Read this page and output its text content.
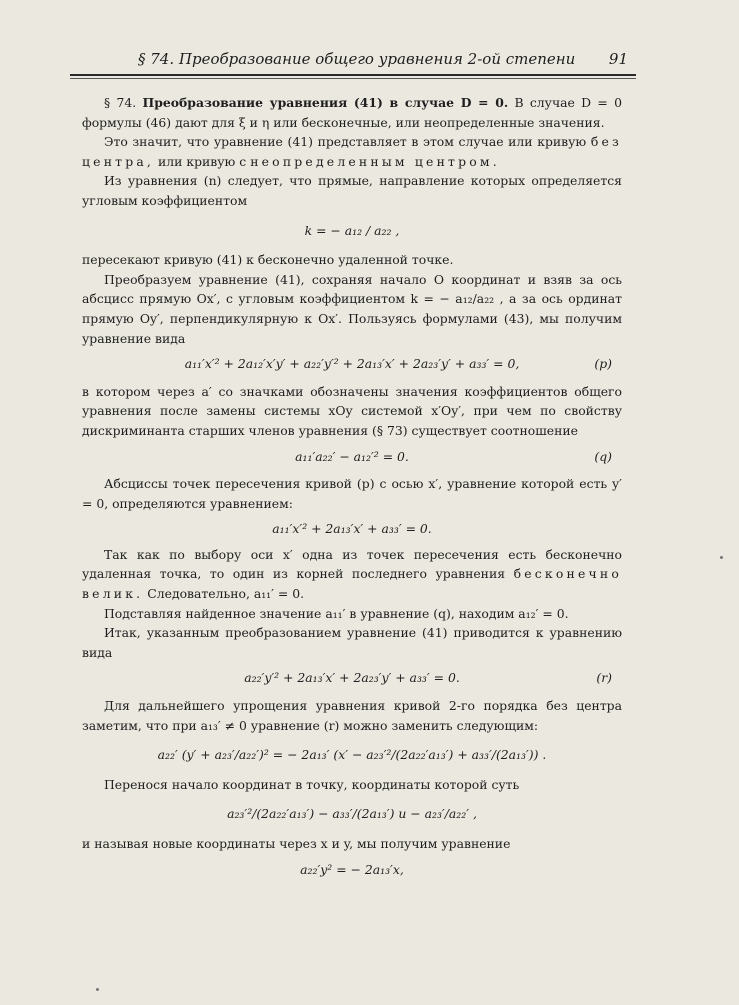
§ 74. Преобразование общего уравнения 2-ой степени 91

§ 74. Преобразование уравнения (41) в случае D = 0. В случае D = 0 формулы (46) дают для ξ и η или бесконечные, или неопределенные значения.

Это значит, что уравнение (41) представляет в этом случае или кривую без центра, или кривую с неопределенным центром.

Из уравнения (n) следует, что прямые, направление которых определяется угловым коэффициентом

k = − a₁₂ / a₂₂ ,

пересекают кривую (41) к бесконечно удаленной точке.

Преобразуем уравнение (41), сохраняя начало O координат и взяв за ось абсцисс прямую Ox′, с угловым коэффициентом k = − a₁₂/a₂₂ , а за ось ординат прямую Oy′, перпендикулярную к Ox′. Пользуясь формулами (43), мы получим уравнение вида

a₁₁′x′² + 2a₁₂′x′y′ + a₂₂′y′² + 2a₁₃′x′ + 2a₂₃′y′ + a₃₃′ = 0,	(p)

в котором через a′ со значками обозначены значения коэффициентов общего уравнения после замены системы xOy системой x′Oy′, при чем по свойству дискриминанта старших членов уравнения (§ 73) существует соотношение

a₁₁′a₂₂′ − a₁₂′² = 0.	(q)

Абсциссы точек пересечения кривой (p) с осью x′, уравнение которой есть y′ = 0, определяются уравнением:

a₁₁′x′² + 2a₁₃′x′ + a₃₃′ = 0.

Так как по выбору оси x′ одна из точек пересечения есть бесконечно удаленная точка, то один из корней последнего уравнения бесконечно велик. Следовательно, a₁₁′ = 0.

Подставляя найденное значение a₁₁′ в уравнение (q), находим a₁₂′ = 0.

Итак, указанным преобразованием уравнение (41) приводится к уравнению вида

a₂₂′y′² + 2a₁₃′x′ + 2a₂₃′y′ + a₃₃′ = 0.	(r)

Для дальнейшего упрощения уравнения кривой 2-го порядка без центра заметим, что при a₁₃′ ≠ 0 уравнение (r) можно заменить следующим:

a₂₂′ (y′ + a₂₃′/a₂₂′)² = − 2a₁₃′ (x′ − a₂₃′²/(2a₂₂′a₁₃′) + a₃₃′/(2a₁₃′)) .

Перенося начало координат в точку, координаты которой суть

a₂₃′²/(2a₂₂′a₁₃′) − a₃₃′/(2a₁₃′) и − a₂₃′/a₂₂′ ,

и называя новые координаты через x и y, мы получим уравнение

a₂₂′y² = − 2a₁₃′x,
